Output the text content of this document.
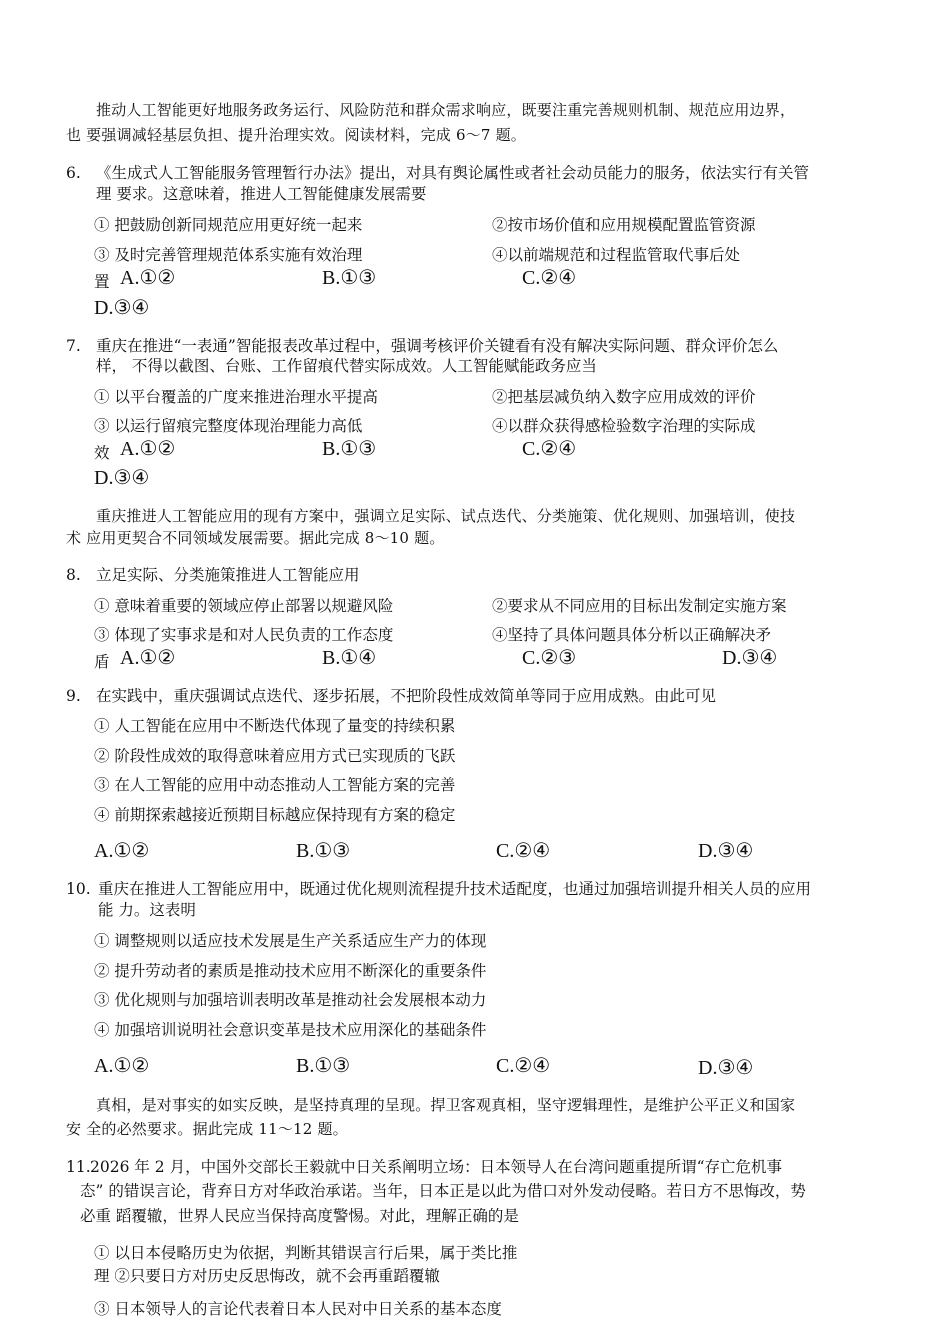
推动人工智能更好地服务政务运行、风险防范和群众需求响应，既要注重完善规则机制、规范应用边界，
也 要强调减轻基层负担、提升治理实效。阅读材料，完成 6～7 题。
6. 《生成式人工智能服务管理暂行办法》提出，对具有舆论属性或者社会动员能力的服务，依法实行有关管
理 要求。这意味着，推进人工智能健康发展需要
① 把鼓励创新同规范应用更好统一起来	②按市场价值和应用规模配置监管资源
③ 及时完善管理规范体系实施有效治理	④以前端规范和过程监管取代事后处
置 A.①②	B.①③	C.②④
D.③④
7. 重庆在推进“一表通”智能报表改革过程中，强调考核评价关键看有没有解决实际问题、群众评价怎么
样， 不得以截图、台账、工作留痕代替实际成效。人工智能赋能政务应当
① 以平台覆盖的广度来推进治理水平提高	②把基层减负纳入数字应用成效的评价
③ 以运行留痕完整度体现治理能力高低	④以群众获得感检验数字治理的实际成
效 A.①②	B.①③	C.②④
D.③④
重庆推进人工智能应用的现有方案中，强调立足实际、试点迭代、分类施策、优化规则、加强培训，使技
术 应用更契合不同领域发展需要。据此完成 8～10 题。
8. 立足实际、分类施策推进人工智能应用
① 意味着重要的领域应停止部署以规避风险	②要求从不同应用的目标出发制定实施方案
③ 体现了实事求是和对人民负责的工作态度	④坚持了具体问题具体分析以正确解决矛
盾 A.①②	B.①④	C.②③	D.③④
9. 在实践中，重庆强调试点迭代、逐步拓展，不把阶段性成效简单等同于应用成熟。由此可见
① 人工智能在应用中不断迭代体现了量变的持续积累
② 阶段性成效的取得意味着应用方式已实现质的飞跃
③ 在人工智能的应用中动态推动人工智能方案的完善
④ 前期探索越接近预期目标越应保持现有方案的稳定
A.①②	B.①③	C.②④	D.③④
10. 重庆在推进人工智能应用中，既通过优化规则流程提升技术适配度，也通过加强培训提升相关人员的应用
能 力。这表明
① 调整规则以适应技术发展是生产关系适应生产力的体现
② 提升劳动者的素质是推动技术应用不断深化的重要条件
③ 优化规则与加强培训表明改革是推动社会发展根本动力
④ 加强培训说明社会意识变革是技术应用深化的基础条件
A.①②	B.①③	C.②④	D.③④
真相，是对事实的如实反映，是坚持真理的呈现。捍卫客观真相，坚守逻辑理性，是维护公平正义和国家
安 全的必然要求。据此完成 11～12 题。
11. 2026 年 2 月，中国外交部长王毅就中日关系阐明立场：日本领导人在台湾问题重提所谓“存亡危机事
态” 的错误言论，背弃日方对华政治承诺。当年，日本正是以此为借口对外发动侵略。若日方不思悔改，势
必重 蹈覆辙，世界人民应当保持高度警惕。对此，理解正确的是
① 以日本侵略历史为依据，判断其错误言行后果，属于类比推
理 ②只要日方对历史反思悔改，就不会再重蹈覆辙
③ 日本领导人的言论代表着日本人民对中日关系的基本态度
